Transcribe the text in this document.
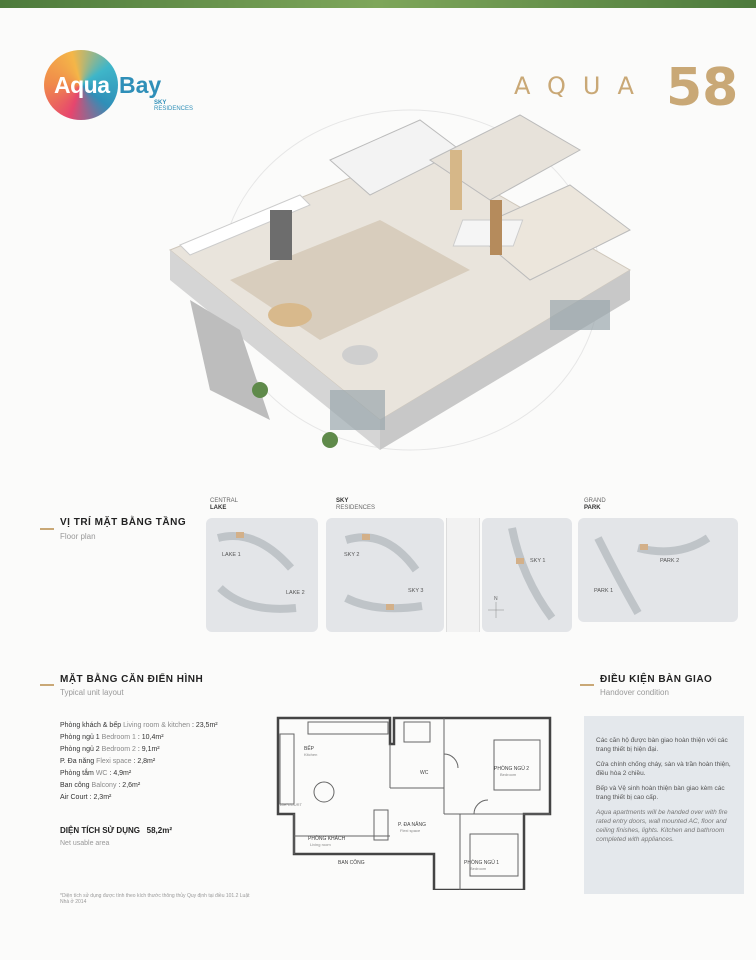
Aqua Bay
SKY
RESIDENCES
AQUA 58
VỊ TRÍ MẶT BẰNG TẦNG
Floor plan
CENTRAL
LAKE
SKY
RESIDENCES
GRAND
PARK
LAKE 1
LAKE 2
SKY 2
SKY 3
N
SKY 1	PARK 2
PARK 1
MẶT BẰNG CĂN ĐIỂN HÌNH
Typical unit layout
Phòng khách & bếp Living room & kitchen : 23,5m²
Phòng ngủ 1 Bedroom 1 : 10,4m²
Phòng ngủ 2 Bedroom 2 : 9,1m²
P. Đa năng Flexi space : 2,8m²
Phòng tắm WC : 4,9m²
Ban công Balcony : 2,6m²
Air Court : 2,3m²
DIỆN TÍCH SỬ DỤNG 58,2m²
Net usable area
*Diện tích sử dụng được tính theo kích thước thông thủy Quy định tại điều 101.2 Luật Nhà ở 2014
BẾP
Kitchen
WC
PHÒNG NGỦ 2
Bedroom
P. ĐA NĂNG
Flexi space
PHÒNG KHÁCH
Living room
PHÒNG NGỦ 1
Bedroom
BAN CÔNG
AIR COURT
ĐIỀU KIỆN BÀN GIAO
Handover condition

Các căn hộ được bàn giao hoàn thiện với các trang thiết bị hiện đại.

Cửa chính chống cháy, sàn và trần hoàn thiện, điều hòa 2 chiều.

Bếp và Vệ sinh hoàn thiện bàn giao kèm các trang thiết bị cao cấp.

Aqua apartments will be handed over with fire rated entry doors, wall mounted AC, floor and ceiling finishes, lights. Kitchen and bathroom completed with appliances.
